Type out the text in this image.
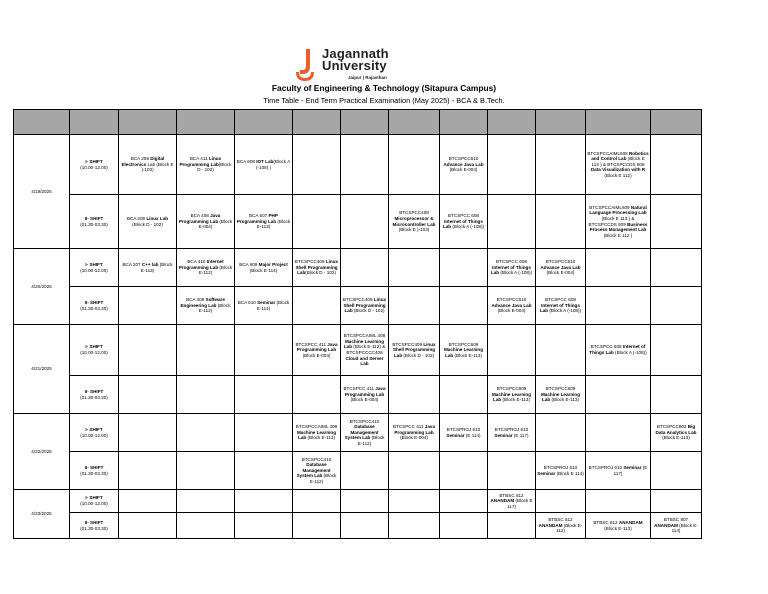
Jagannath
University
Jaipur | Rajasthan
Faculty of Engineering & Technology (Sitapura Campus)
Time Table - End Term Practical Examination (May 2025) - BCA & B.Tech.

4/19/2025	I- SHIFT
(10.00-12.00)	BCA 208 Digital Electronics Lab (Block E )-103)	BCA 411 Linux Programming Lab(Block D - 102)	BCA 608 IOT Lab(Block A (-108) )				BTCSPCC610 Advance Java Lab (Block E-004)			BTCSPCCAIML608 Robotics and Control Lab (Block E 113 ) & BTCSPCCDS 608 Data Visualization with R (Block E 112)	
	II- SHIFT
(01.30-03.30)	BCA 209 Linux Lab (Block D - 102)	BCA 408 Java Programming Lab (Block E-004)	BCA 607 PHP Programming Lab (Block E-113)			BTCSPCC408 Microprocessor & Microcontroller Lab (Block E )-103)	BTCSPCC 608 Internet of Things Lab (Block A (-108))			BTCSPCCAIML609 Natural Language Processing Lab (Block E 113 ) & BTCSPCCDS 609 Business Process Management Lab (Block E 112 )	
4/20/2025	I- SHIFT
(10.00-12.00)	BCA 207 C++ lab (Block E-113)	BCA 410 Internet Programming Lab (Block E-112)	BCA 609 Major Project (Block E-114)	BTCSPCC409 Linux Shell Programming Lab(Block D - 102)				BTCSPCC 608 Internet of Things Lab (Block A (-108))	BTCSPCC610 Advance Java Lab (Block E-004)		
	II- SHIFT
(01.30-03.30)		BCA 409 Software Engineering Lab (Block E-112)	BCA 610 Seminar (Block E-114)		BTCSPCC409 Linux Shell Programming Lab (Block D - 102)			BTCSPCC610 Advance Java Lab (Block E-004)	BTCSPCC 608 Internet of Things Lab (Block A (-108))		
4/21/2025	I- SHIFT
(10.00-12.00)				BTCSPCC 411 Java Programming Lab (Block E-004)	BTCSPCCAIML 408 Machine Learning Lab (Block E-112) & BTCSPCCCC408 Cloud and Server Lab	BTCSPCC409 Linux Shell Programming Lab (Block D - 102)	BTCSPCC609 Machine Learning Lab (Block E-113)			BTCSPCC 608 Internet of Things Lab (Block A (-108))	
	II- SHIFT
(01.30-03.30)					BTCSPCC 411 Java Programming Lab (Block E-004)			BTCSPCC609 Machine Learning Lab (Block E-113)	BTCSPCC609 Machine Learning Lab (Block E-113)		
4/22/2025	I- SHIFT
(10.00-12.00)				BTCSPCCAIML 408 Machine Learning Lab (Block E-113)	BTCSPCC410 Database Management System Lab (Block E-112)	BTCSPCC 411 Java Programming Lab (Block E-004)	BTCSPROJ 610 Seminar (E 114)	BTCSPROJ 610 Seminar (E 117)			BTCSPCC803 Big Data Analytics Lab (Block E-113)
	II- SHIFT
(01.30-03.30)				BTCSPCC410 Database Management System Lab (Block E-112)					BTCSPROJ 610 Seminar (Block E 114)	BTCSPROJ 610 Seminar (E 117)	
4/23/2025	I- SHIFT
(10.00-12.00)								BTBSC 612 ANANDAM (Block E 117)			
	II- SHIFT
(01.30-03.30)									BTBSC 612 ANANDAM (Block E-112)	BTBSC 612 ANANDAM (Block E-113)	BTBSC 807 ANANDAM (Block E-114)
